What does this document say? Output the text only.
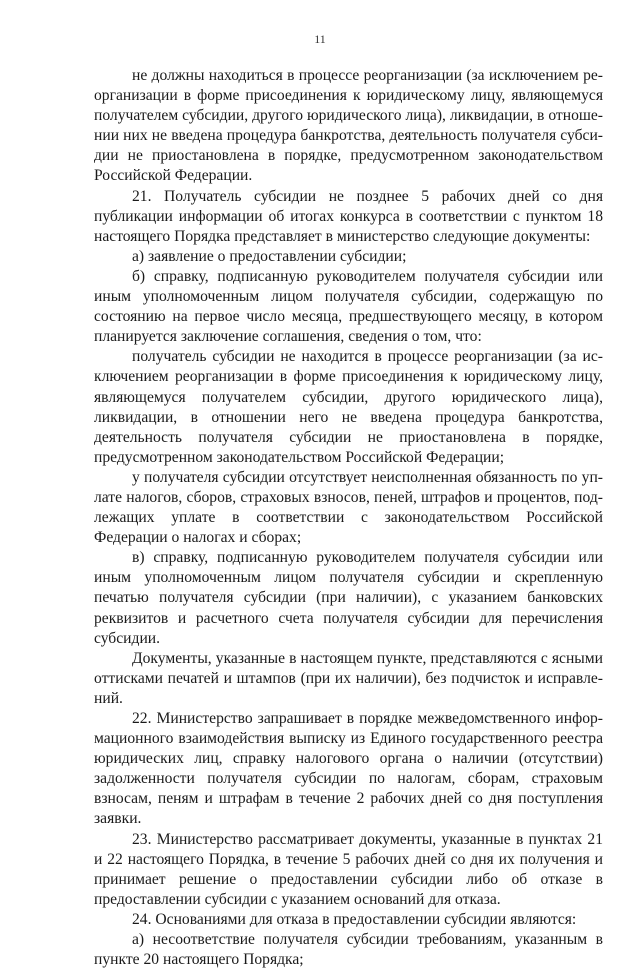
11

не должны находиться в процессе реорганизации (за исключением реорганизации в форме присоединения к юридическому лицу, являющемуся получателем субсидии, другого юридического лица), ликвидации, в отношении них не введена процедура банкротства, деятельность получателя субсидии не приостановлена в порядке, предусмотренном законодательством Российской Федерации.

21. Получатель субсидии не позднее 5 рабочих дней со дня публикации информации об итогах конкурса в соответствии с пунктом 18 настоящего Порядка представляет в министерство следующие документы:

а) заявление о предоставлении субсидии;

б) справку, подписанную руководителем получателя субсидии или иным уполномоченным лицом получателя субсидии, содержащую по состоянию на первое число месяца, предшествующего месяцу, в котором планируется заключение соглашения, сведения о том, что:

получатель субсидии не находится в процессе реорганизации (за исключением реорганизации в форме присоединения к юридическому лицу, являющемуся получателем субсидии, другого юридического лица), ликвидации, в отношении него не введена процедура банкротства, деятельность получателя субсидии не приостановлена в порядке, предусмотренном законодательством Российской Федерации;

у получателя субсидии отсутствует неисполненная обязанность по уплате налогов, сборов, страховых взносов, пеней, штрафов и процентов, подлежащих уплате в соответствии с законодательством Российской Федерации о налогах и сборах;

в) справку, подписанную руководителем получателя субсидии или иным уполномоченным лицом получателя субсидии и скрепленную печатью получателя субсидии (при наличии), с указанием банковских реквизитов и расчетного счета получателя субсидии для перечисления субсидии.

Документы, указанные в настоящем пункте, представляются с ясными оттисками печатей и штампов (при их наличии), без подчисток и исправлений.

22. Министерство запрашивает в порядке межведомственного информационного взаимодействия выписку из Единого государственного реестра юридических лиц, справку налогового органа о наличии (отсутствии) задолженности получателя субсидии по налогам, сборам, страховым взносам, пеням и штрафам в течение 2 рабочих дней со дня поступления заявки.

23. Министерство рассматривает документы, указанные в пунктах 21 и 22 настоящего Порядка, в течение 5 рабочих дней со дня их получения и принимает решение о предоставлении субсидии либо об отказе в предоставлении субсидии с указанием оснований для отказа.

24. Основаниями для отказа в предоставлении субсидии являются:

а) несоответствие получателя субсидии требованиям, указанным в пункте 20 настоящего Порядка;
